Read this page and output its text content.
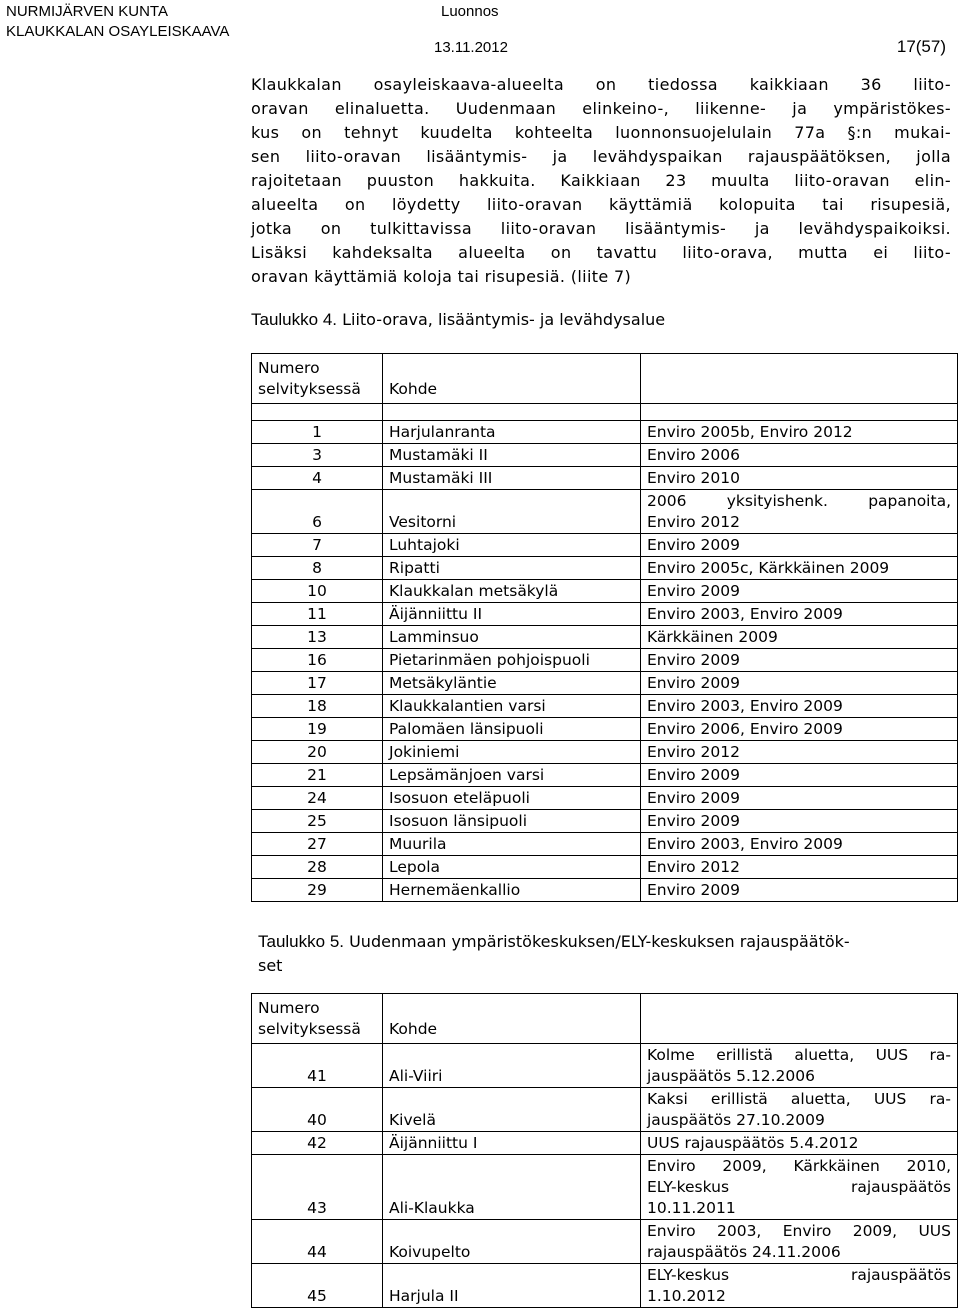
NURMIJÄRVEN KUNTA
KLAUKKALAN OSAYLEISKAAVA
Luonnos
13.11.2012	17(57)

Klaukkalan osayleiskaava-alueelta on tiedossa kaikkiaan 36 liito-
oravan elinaluetta. Uudenmaan elinkeino-, liikenne- ja ympäristökes-
kus on tehnyt kuudelta kohteelta luonnonsuojelulain 77a §:n mukai-
sen liito-oravan lisääntymis- ja levähdyspaikan rajauspäätöksen, jolla
rajoitetaan puuston hakkuita. Kaikkiaan 23 muulta liito-oravan elin-
alueelta on löydetty liito-oravan käyttämiä kolopuita tai risupesiä,
jotka on tulkittavissa liito-oravan lisääntymis- ja levähdyspaikoiksi.
Lisäksi kahdeksalta alueelta on tavattu liito-orava, mutta ei liito-
oravan käyttämiä koloja tai risupesiä. (liite 7)

Taulukko 4. Liito-orava, lisääntymis- ja levähdysalue
Numero
selvityksessä	Kohde	

1	Harjulanranta	Enviro 2005b, Enviro 2012
3	Mustamäki II	Enviro 2006
4	Mustamäki III	Enviro 2010
6	Vesitorni	2006 yksityishenk. papanoita,
Enviro 2012

7	Luhtajoki	Enviro 2009
8	Ripatti	Enviro 2005c, Kärkkäinen 2009
10	Klaukkalan metsäkylä	Enviro 2009
11	Äijänniittu II	Enviro 2003, Enviro 2009
13	Lamminsuo	Kärkkäinen 2009
16	Pietarinmäen pohjoispuoli	Enviro 2009
17	Metsäkyläntie	Enviro 2009
18	Klaukkalantien varsi	Enviro 2003, Enviro 2009
19	Palomäen länsipuoli	Enviro 2006, Enviro 2009
20	Jokiniemi	Enviro 2012
21	Lepsämänjoen varsi	Enviro 2009
24	Isosuon eteläpuoli	Enviro 2009
25	Isosuon länsipuoli	Enviro 2009
27	Muurila	Enviro 2003, Enviro 2009
28	Lepola	Enviro 2012
29	Hernemäenkallio	Enviro 2009
Taulukko 5. Uudenmaan ympäristökeskuksen/ELY-keskuksen rajauspäätök-
set
Numero
selvityksessä	Kohde	
41	Ali-Viiri	Kolme erillistä aluetta, UUS ra-
jauspäätös 5.12.2006

40	Kivelä	Kaksi erillistä aluetta, UUS ra-
jauspäätös 27.10.2009

42	Äijänniittu I	UUS rajauspäätös 5.4.2012
43	Ali-Klaukka	Enviro 2009, Kärkkäinen 2010,
ELY-keskus rajauspäätös
10.11.2011

44	Koivupelto	Enviro 2003, Enviro 2009, UUS
rajauspäätös 24.11.2006

45	Harjula II	ELY-keskus rajauspäätös
1.10.2012
